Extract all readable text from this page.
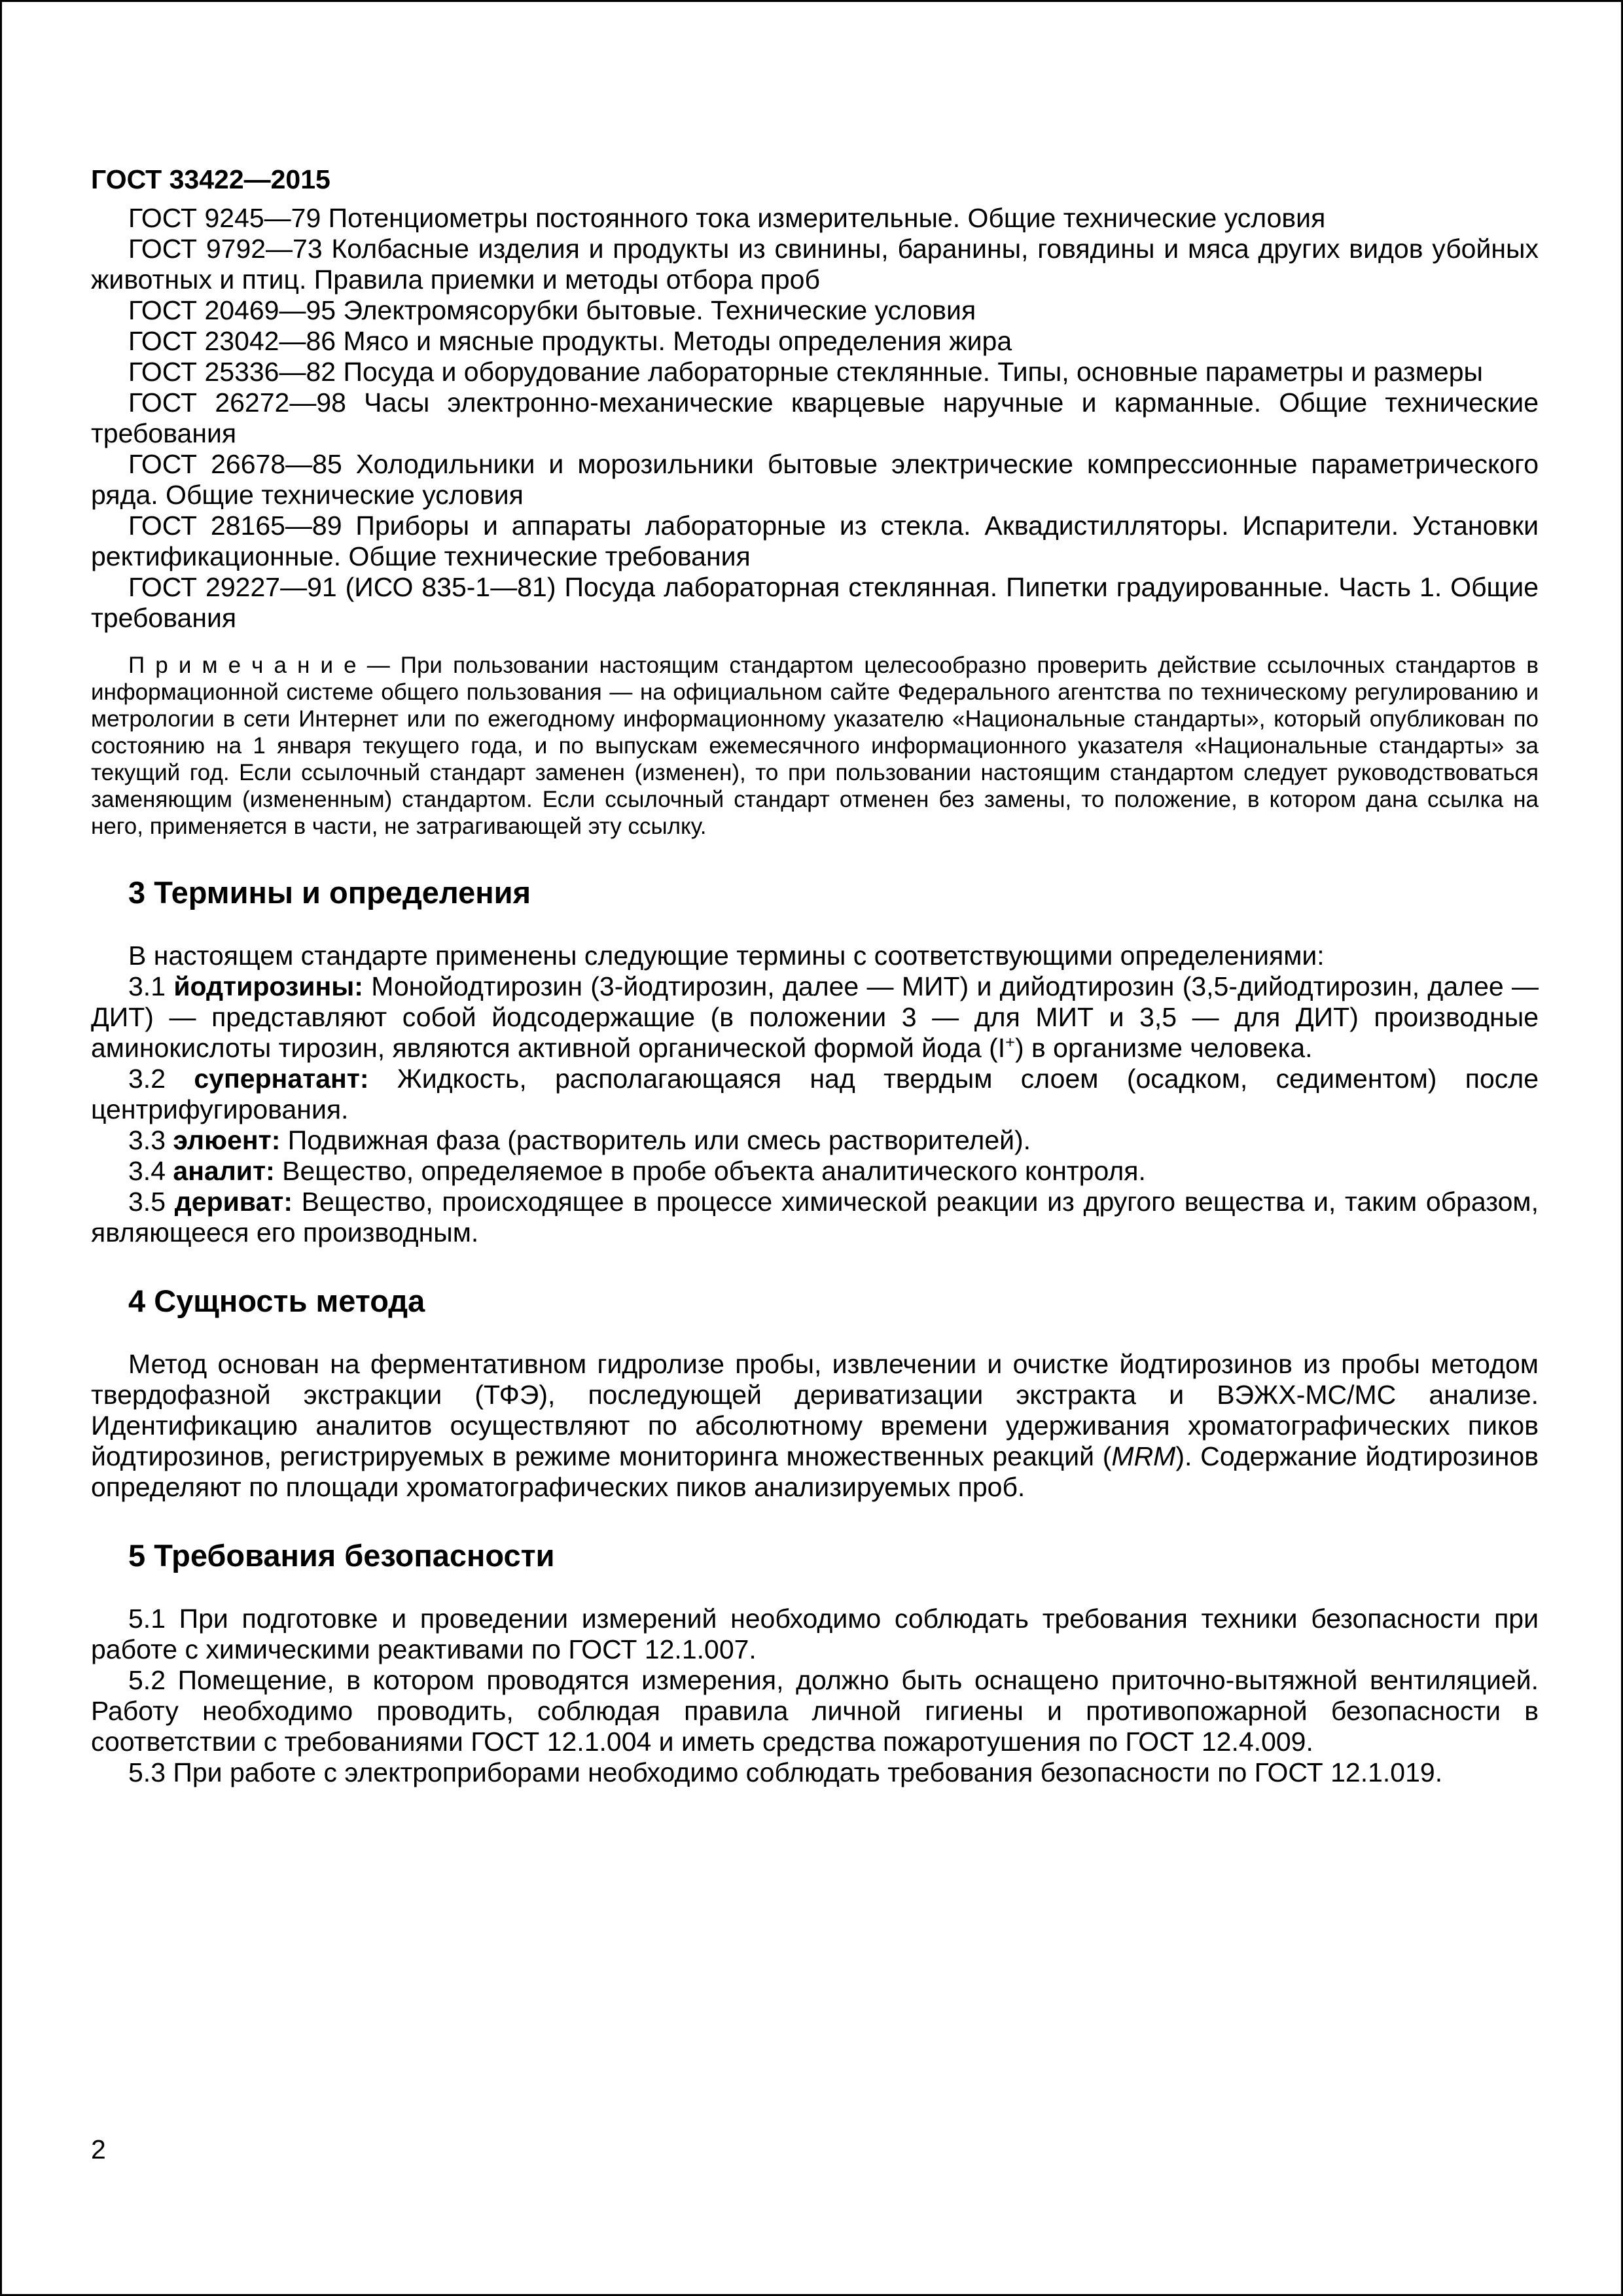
ГОСТ 33422—2015

ГОСТ 9245—79 Потенциометры постоянного тока измерительные. Общие технические условия

ГОСТ 9792—73 Колбасные изделия и продукты из свинины, баранины, говядины и мяса других видов убойных животных и птиц. Правила приемки и методы отбора проб

ГОСТ 20469—95 Электромясорубки бытовые. Технические условия

ГОСТ 23042—86 Мясо и мясные продукты. Методы определения жира

ГОСТ 25336—82 Посуда и оборудование лабораторные стеклянные. Типы, основные параметры и размеры

ГОСТ 26272—98 Часы электронно-механические кварцевые наручные и карманные. Общие технические требования

ГОСТ 26678—85 Холодильники и морозильники бытовые электрические компрессионные параметрического ряда. Общие технические условия

ГОСТ 28165—89 Приборы и аппараты лабораторные из стекла. Аквадистилляторы. Испарители. Установки ректификационные. Общие технические требования

ГОСТ 29227—91 (ИСО 835-1—81) Посуда лабораторная стеклянная. Пипетки градуированные. Часть 1. Общие требования

П р и м е ч а н и е — При пользовании настоящим стандартом целесообразно проверить действие ссылочных стандартов в информационной системе общего пользования — на официальном сайте Федерального агентства по техническому регулированию и метрологии в сети Интернет или по ежегодному информационному указателю «Национальные стандарты», который опубликован по состоянию на 1 января текущего года, и по выпускам ежемесячного информационного указателя «Национальные стандарты» за текущий год. Если ссылочный стандарт заменен (изменен), то при пользовании настоящим стандартом следует руководствоваться заменяющим (измененным) стандартом. Если ссылочный стандарт отменен без замены, то положение, в котором дана ссылка на него, применяется в части, не затрагивающей эту ссылку.

3 Термины и определения

В настоящем стандарте применены следующие термины с соответствующими определениями:

3.1 йодтирозины: Монойодтирозин (3-йодтирозин, далее — МИТ) и дийодтирозин (3,5-дийодтирозин, далее — ДИТ) — представляют собой йодсодержащие (в положении 3 — для МИТ и 3,5 — для ДИТ) производные аминокислоты тирозин, являются активной органической формой йода (I+) в организме человека.

3.2 супернатант: Жидкость, располагающаяся над твердым слоем (осадком, седиментом) после центрифугирования.

3.3 элюент: Подвижная фаза (растворитель или смесь растворителей).

3.4 аналит: Вещество, определяемое в пробе объекта аналитического контроля.

3.5 дериват: Вещество, происходящее в процессе химической реакции из другого вещества и, таким образом, являющееся его производным.

4 Сущность метода

Метод основан на ферментативном гидролизе пробы, извлечении и очистке йодтирозинов из пробы методом твердофазной экстракции (ТФЭ), последующей дериватизации экстракта и ВЭЖХ-МС/МС анализе. Идентификацию аналитов осуществляют по абсолютному времени удерживания хроматографических пиков йодтирозинов, регистрируемых в режиме мониторинга множественных реакций (MRM). Содержание йодтирозинов определяют по площади хроматографических пиков анализируемых проб.

5 Требования безопасности

5.1 При подготовке и проведении измерений необходимо соблюдать требования техники безопасности при работе с химическими реактивами по ГОСТ 12.1.007.

5.2 Помещение, в котором проводятся измерения, должно быть оснащено приточно-вытяжной вентиляцией. Работу необходимо проводить, соблюдая правила личной гигиены и противопожарной безопасности в соответствии с требованиями ГОСТ 12.1.004 и иметь средства пожаротушения по ГОСТ 12.4.009.

5.3 При работе с электроприборами необходимо соблюдать требования безопасности по ГОСТ 12.1.019.

2
